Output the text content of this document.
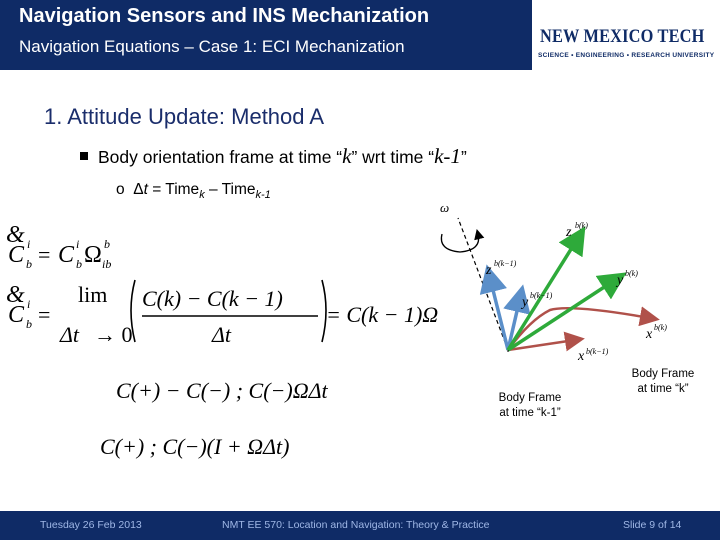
Navigation Sensors and INS Mechanization
Navigation Equations – Case 1: ECI Mechanization	NEW MEXICO TECH
SCIENCE • ENGINEERING • RESEARCH UNIVERSITY
1. Attitude Update: Method A
Body orientation frame at time “k” wrt time “k-1”
o Δt = Time$_k$ – Time$_{k-1}$
&
C i
b = C i
b Ω b
ib
&
C i
b =
lim
Δt → 0
C(k) − C(k − 1)
Δt
= C(k − 1)Ω
C(+) − C(−) ; C(−)ΩΔt
C(+) ; C(−)(I + ΩΔt)
ω
z b(k−1)
y b(k−1)
x b(k−1)
z b(k)
y b(k)
x b(k)
Body Frame
at time “k-1”
Body Frame
at time “k”
Tuesday 26 Feb 2013	NMT EE 570: Location and Navigation: Theory & Practice	Slide 9 of 14
